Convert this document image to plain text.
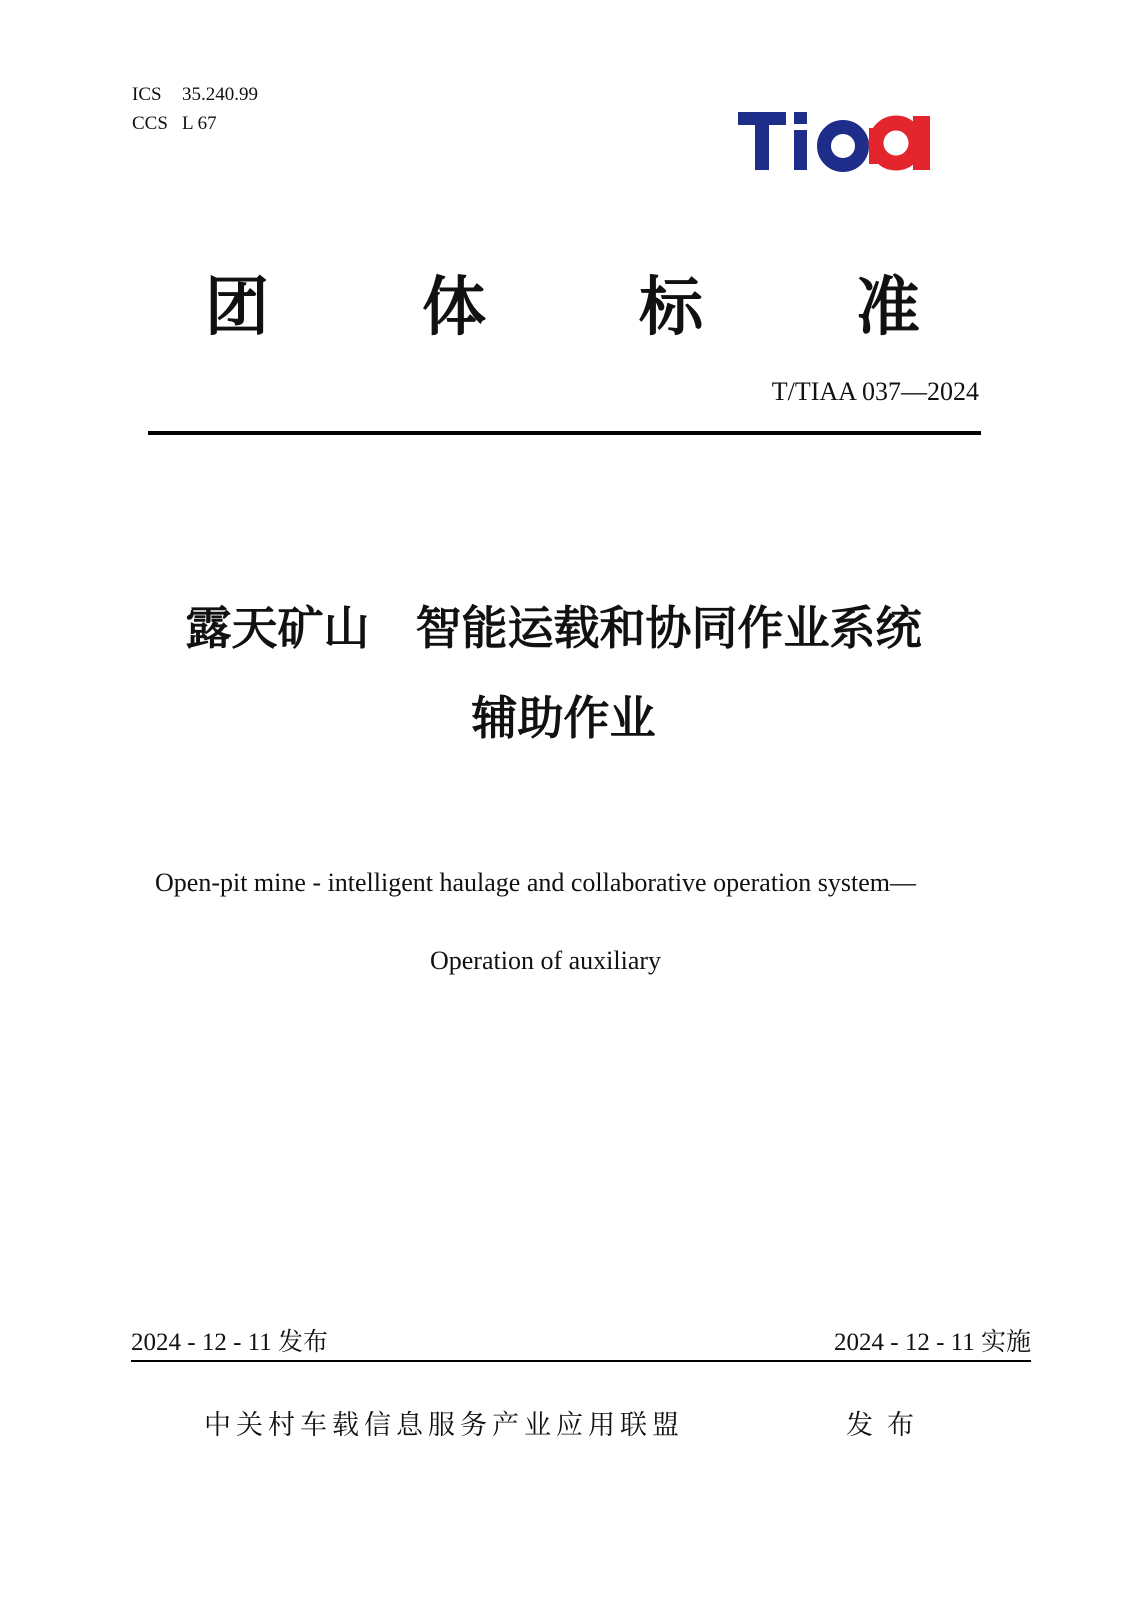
ICS 35.240.99
CCS L 67
团 体 标 准
T/TIAA 037—2024
露天矿山　智能运载和协同作业系统
辅助作业
Open-pit mine - intelligent haulage and collaborative operation system—
Operation of auxiliary
2024 - 12 - 11 发布	2024 - 12 - 11 实施
中关村车载信息服务产业应用联盟	发布
